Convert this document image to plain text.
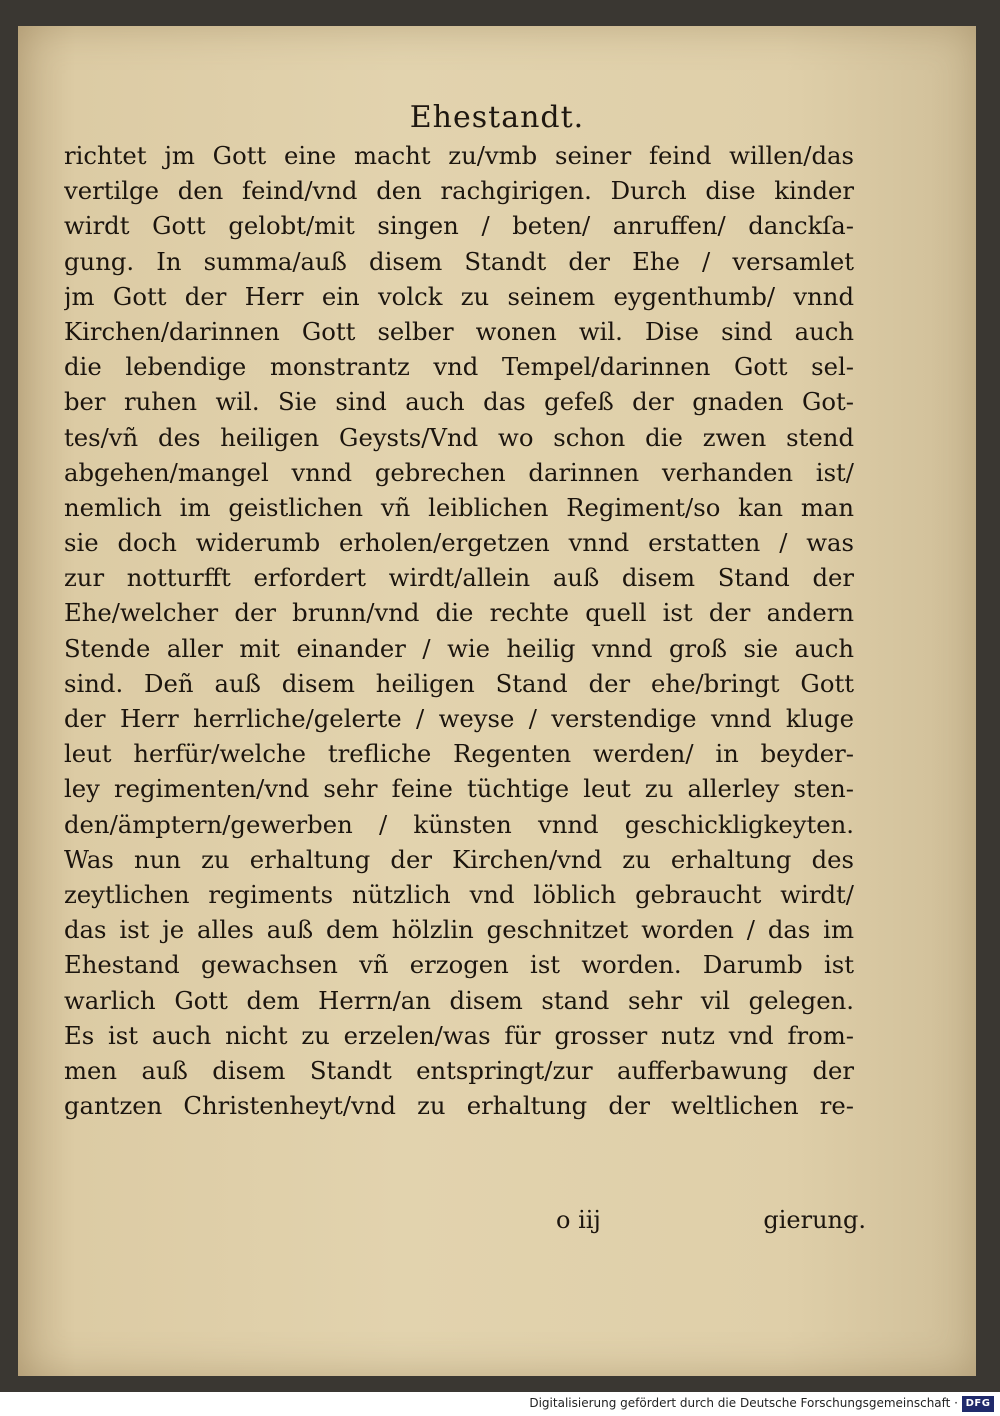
Ehestandt.
richtet jm Gott eine macht zu/vmb seiner feind willen/das
vertilge den feind/vnd den rachgirigen. Durch dise kinder
wirdt Gott gelobt/mit singen / beten/ anruffen/ danckſa-
gung. In summa/auß disem Standt der Ehe / versamlet
jm Gott der Herr ein volck zu seinem eygenthumb/ vnnd
Kirchen/darinnen Gott selber wonen wil. Dise sind auch
die lebendige monstrantz vnd Tempel/darinnen Gott sel-
ber ruhen wil. Sie sind auch das gefeß der gnaden Got-
tes/vñ des heiligen Geysts/Vnd wo schon die zwen stend
abgehen/mangel vnnd gebrechen darinnen verhanden ist/
nemlich im geistlichen vñ leiblichen Regiment/so kan man
sie doch widerumb erholen/ergetzen vnnd erstatten / was
zur notturfft erfordert wirdt/allein auß disem Stand der
Ehe/welcher der brunn/vnd die rechte quell ist der andern
Stende aller mit einander / wie heilig vnnd groß sie auch
sind. Deñ auß disem heiligen Stand der ehe/bringt Gott
der Herr herrliche/gelerte / weyse / verstendige vnnd kluge
leut herfür/welche trefliche Regenten werden/ in beyder-
ley regimenten/vnd sehr feine tüchtige leut zu allerley sten-
den/ämptern/gewerben / künsten vnnd geschickligkeyten.
Was nun zu erhaltung der Kirchen/vnd zu erhaltung des
zeytlichen regiments nützlich vnd löblich gebraucht wirdt/
das ist je alles auß dem hölzlin geschnitzet worden / das im
Ehestand gewachsen vñ erzogen ist worden. Darumb ist
warlich Gott dem Herrn/an disem stand sehr vil gelegen.
Es ist auch nicht zu erzelen/was für grosser nutz vnd from-
men auß disem Standt entspringt/zur aufferbawung der
gantzen Christenheyt/vnd zu erhaltung der weltlichen re-
o iij	gierung.
Digitalisierung gefördert durch die Deutsche Forschungsgemeinschaft · DFG
